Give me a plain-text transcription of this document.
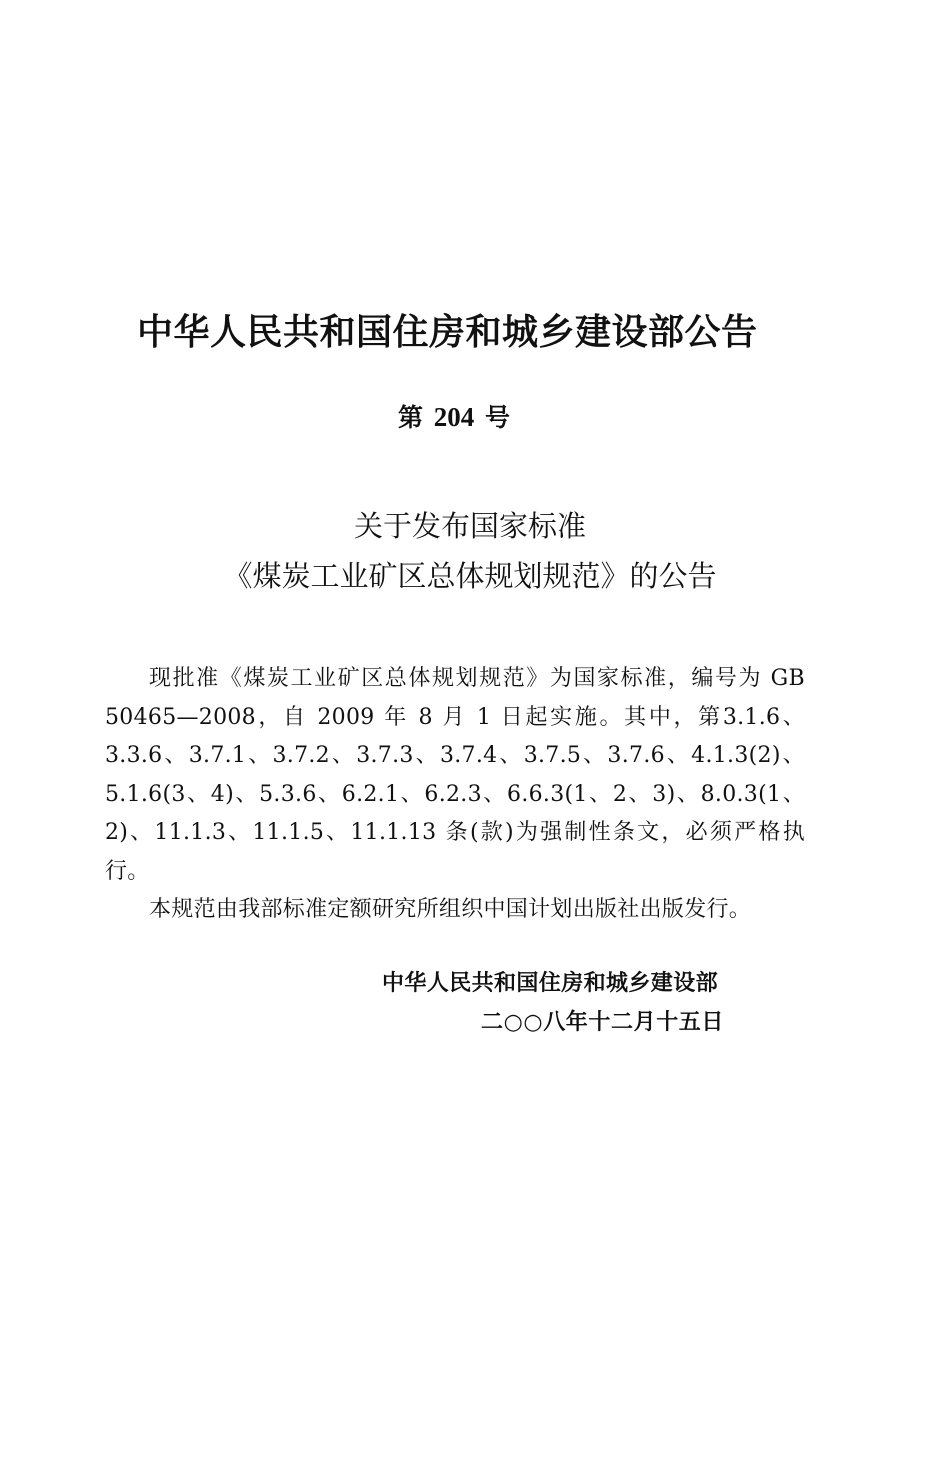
中华人民共和国住房和城乡建设部公告
第 204 号
关于发布国家标准
《煤炭工业矿区总体规划规范》的公告

现批准《煤炭工业矿区总体规划规范》为国家标准，编号为 GB 50465—2008，自 2009 年 8 月 1 日起实施。其中，第3.1.6、3.3.6、3.7.1、3.7.2、3.7.3、3.7.4、3.7.5、3.7.6、4.1.3(2)、5.1.6(3、4)、5.3.6、6.2.1、6.2.3、6.6.3(1、2、3)、8.0.3(1、2)、11.1.3、11.1.5、11.1.13 条(款)为强制性条文，必须严格执行。

本规范由我部标准定额研究所组织中国计划出版社出版发行。

中华人民共和国住房和城乡建设部
二○○八年十二月十五日
